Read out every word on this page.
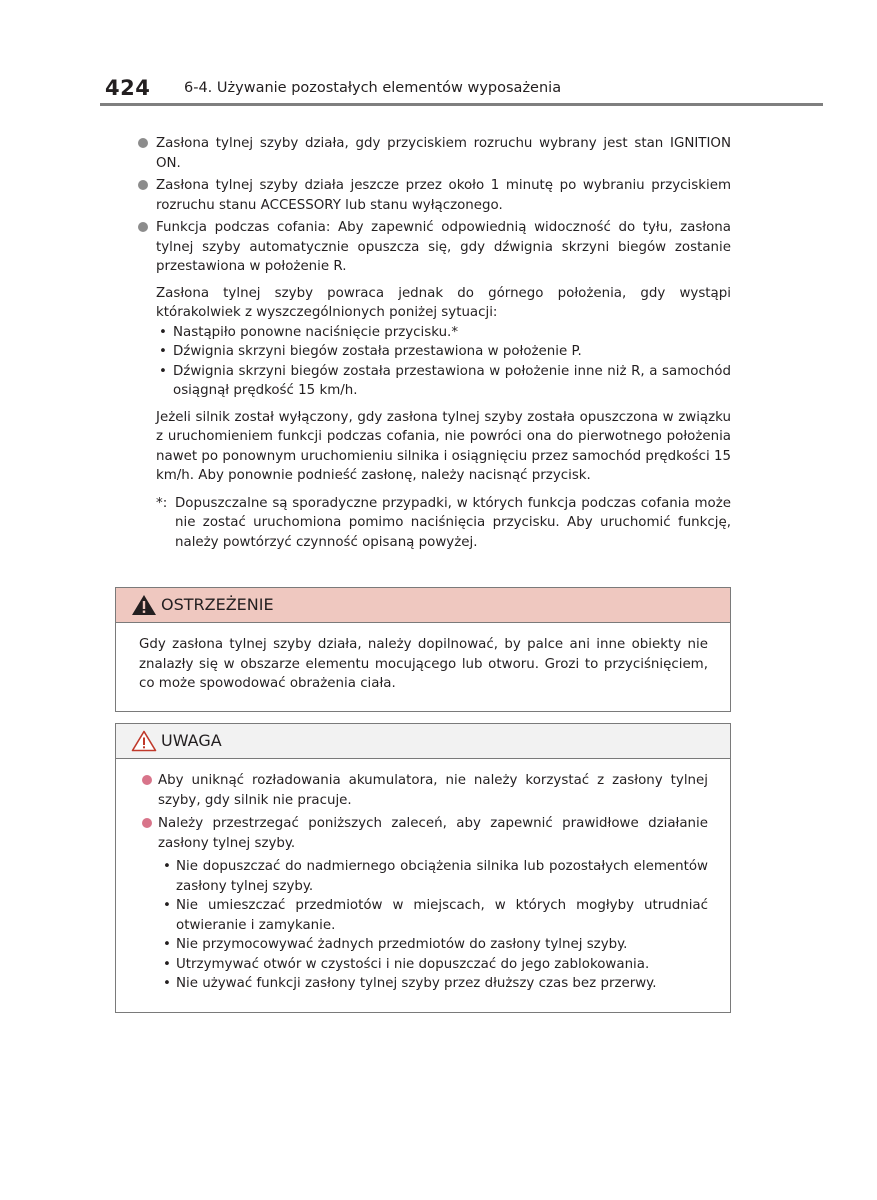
424 6-4. Używanie pozostałych elementów wyposażenia
Zasłona tylnej szyby działa, gdy przyciskiem rozruchu wybrany jest stan IGNITION ON.
Zasłona tylnej szyby działa jeszcze przez około 1 minutę po wybraniu przyciskiem rozruchu stanu ACCESSORY lub stanu wyłączonego.
Funkcja podczas cofania: Aby zapewnić odpowiednią widoczność do tyłu, zasłona tylnej szyby automatycznie opuszcza się, gdy dźwignia skrzyni biegów zostanie przestawiona w położenie R.
Zasłona tylnej szyby powraca jednak do górnego położenia, gdy wystąpi którakolwiek z wyszczególnionych poniżej sytuacji:
• Nastąpiło ponowne naciśnięcie przycisku.*
• Dźwignia skrzyni biegów została przestawiona w położenie P.
• Dźwignia skrzyni biegów została przestawiona w położenie inne niż R, a samochód osiągnął prędkość 15 km/h.
Jeżeli silnik został wyłączony, gdy zasłona tylnej szyby została opuszczona w związku z uruchomieniem funkcji podczas cofania, nie powróci ona do pierwotnego położenia nawet po ponownym uruchomieniu silnika i osiągnięciu przez samochód prędkości 15 km/h. Aby ponownie podnieść zasłonę, należy nacisnąć przycisk.
*: Dopuszczalne są sporadyczne przypadki, w których funkcja podczas cofania może nie zostać uruchomiona pomimo naciśnięcia przycisku. Aby uruchomić funkcję, należy powtórzyć czynność opisaną powyżej.
OSTRZEŻENIE
Gdy zasłona tylnej szyby działa, należy dopilnować, by palce ani inne obiekty nie znalazły się w obszarze elementu mocującego lub otworu. Grozi to przyciśnięciem, co może spowodować obrażenia ciała.
UWAGA
Aby uniknąć rozładowania akumulatora, nie należy korzystać z zasłony tylnej szyby, gdy silnik nie pracuje.
Należy przestrzegać poniższych zaleceń, aby zapewnić prawidłowe działanie zasłony tylnej szyby.
• Nie dopuszczać do nadmiernego obciążenia silnika lub pozostałych elementów zasłony tylnej szyby.
• Nie umieszczać przedmiotów w miejscach, w których mogłyby utrudniać otwieranie i zamykanie.
• Nie przymocowywać żadnych przedmiotów do zasłony tylnej szyby.
• Utrzymywać otwór w czystości i nie dopuszczać do jego zablokowania.
• Nie używać funkcji zasłony tylnej szyby przez dłuższy czas bez przerwy.
